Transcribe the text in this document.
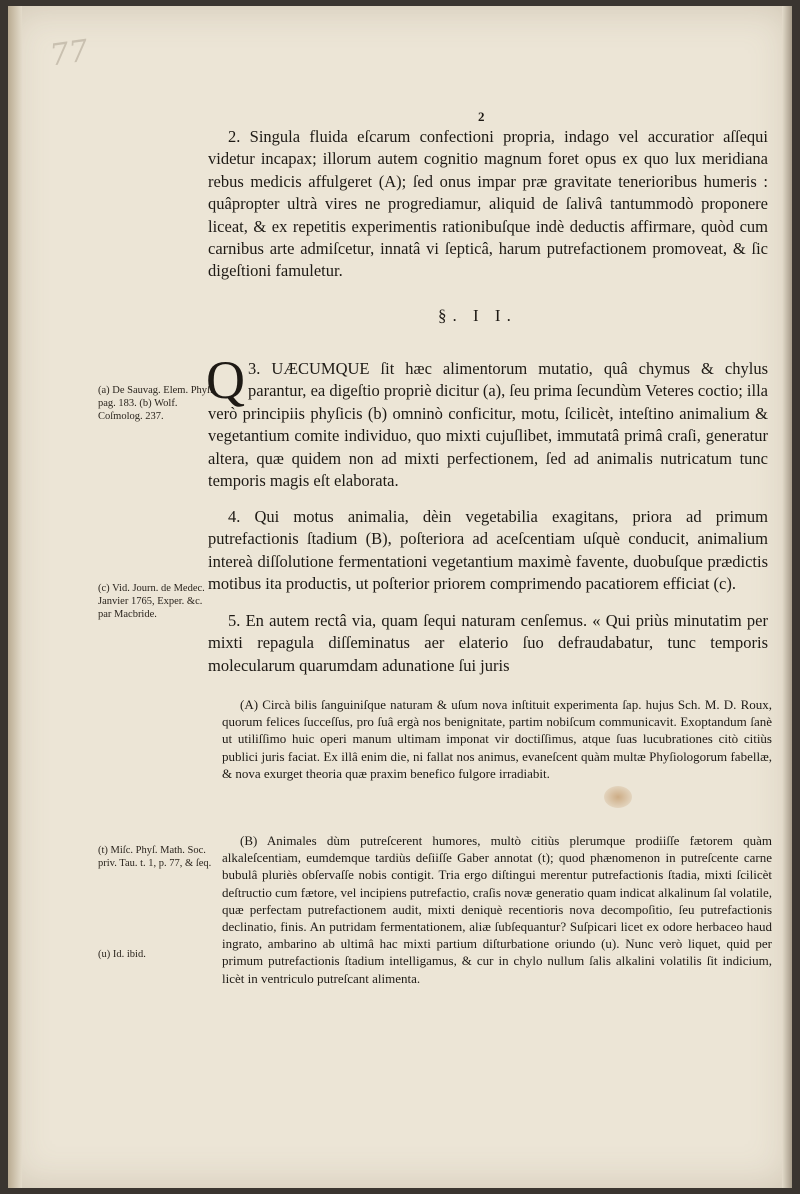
77
2

2. Singula fluida eſcarum confectioni propria, indago vel accuratior aſſequi videtur incapax; illorum autem cognitio magnum foret opus ex quo lux meridiana rebus medicis affulgeret (A); ſed onus impar præ gravitate tenerioribus humeris : quâpropter ultrà vires ne progrediamur, aliquid de ſalivâ tantummodò proponere liceat, & ex repetitis experimentis rationibuſque indè deductis affirmare, quòd cum carnibus arte admiſcetur, innatâ vi ſepticâ, harum putrefactionem promoveat, & ſic digeſtioni famuletur.

§. I I.

3.
Q UÆCUMQUE ſit hæc alimentorum mutatio, quâ chymus & chylus parantur, ea digeſtio propriè dicitur (a), ſeu prima ſecundùm Veteres coctio; illa verò principiis phyſicis (b) omninò conficitur, motu, ſcilicèt, inteſtino animalium & vegetantium comite individuo, quo mixti cujuſlibet, immutatâ primâ craſi, generatur altera, quæ quidem non ad mixti perfectionem, ſed ad animalis nutricatum tunc temporis magis eſt elaborata.

4. Qui motus animalia, dèin vegetabilia exagitans, priora ad primum putrefactionis ſtadium (B), poſteriora ad aceſcentiam uſquè conducit, animalium intereà diſſolutione fermentationi vegetantium maximè favente, duobuſque prædictis motibus ita productis, ut poſterior priorem comprimendo pacatiorem efficiat (c).

5. En autem rectâ via, quam ſequi naturam cenſemus. « Qui priùs minutatim per mixti repagula diſſeminatus aer elaterio ſuo defraudabatur, tunc temporis molecularum quarumdam adunatione ſui juris

(a) De Sauvag. Elem. Phyſ. pag. 183. (b) Wolf. Coſmolog. 237.
(c) Vid. Journ. de Medec. Janvier 1765, Exper. &c. par Macbride.
(t) Miſc. Phyſ. Math. Soc. priv. Tau. t. 1, p. 77, & ſeq.
(u) Id. ibid.

(A) Circà bilis ſanguiniſque naturam & uſum nova inſtituit experimenta ſap. hujus Sch. M. D. Roux, quorum felices ſucceſſus, pro ſuâ ergà nos benignitate, partim nobiſcum communicavit. Exoptandum ſanè ut utiliſſimo huic operi manum ultimam imponat vir doctiſſimus, atque ſuas lucubrationes citò citiùs publici juris faciat. Ex illâ enim die, ni fallat nos animus, evaneſcent quàm multæ Phyſiologorum fabellæ, & nova exurget theoria quæ praxim benefico fulgore irradiabit.

(B) Animales dùm putreſcerent humores, multò citiùs plerumque prodiiſſe fætorem quàm alkaleſcentiam, eumdemque tardiùs deſiiſſe Gaber annotat (t); quod phænomenon in putreſcente carne bubulâ pluriès obſervaſſe nobis contigit. Tria ergo diſtingui merentur putrefactionis ſtadia, mixti ſcilicèt deſtructio cum fætore, vel incipiens putrefactio, craſis novæ generatio quam indicat alkalinum ſal volatile, quæ perfectam putrefactionem audit, mixti deniquè recentioris nova decompoſitio, ſeu putrefactionis declinatio, finis. An putridam fermentationem, aliæ ſubſequantur? Suſpicari licet ex odore herbaceo haud ingrato, ambarino ab ultimâ hac mixti partium diſturbatione oriundo (u). Nunc verò liquet, quid per primum putrefactionis ſtadium intelligamus, & cur in chylo nullum ſalis alkalini volatilis ſit indicium, licèt in ventriculo putreſcant alimenta.
